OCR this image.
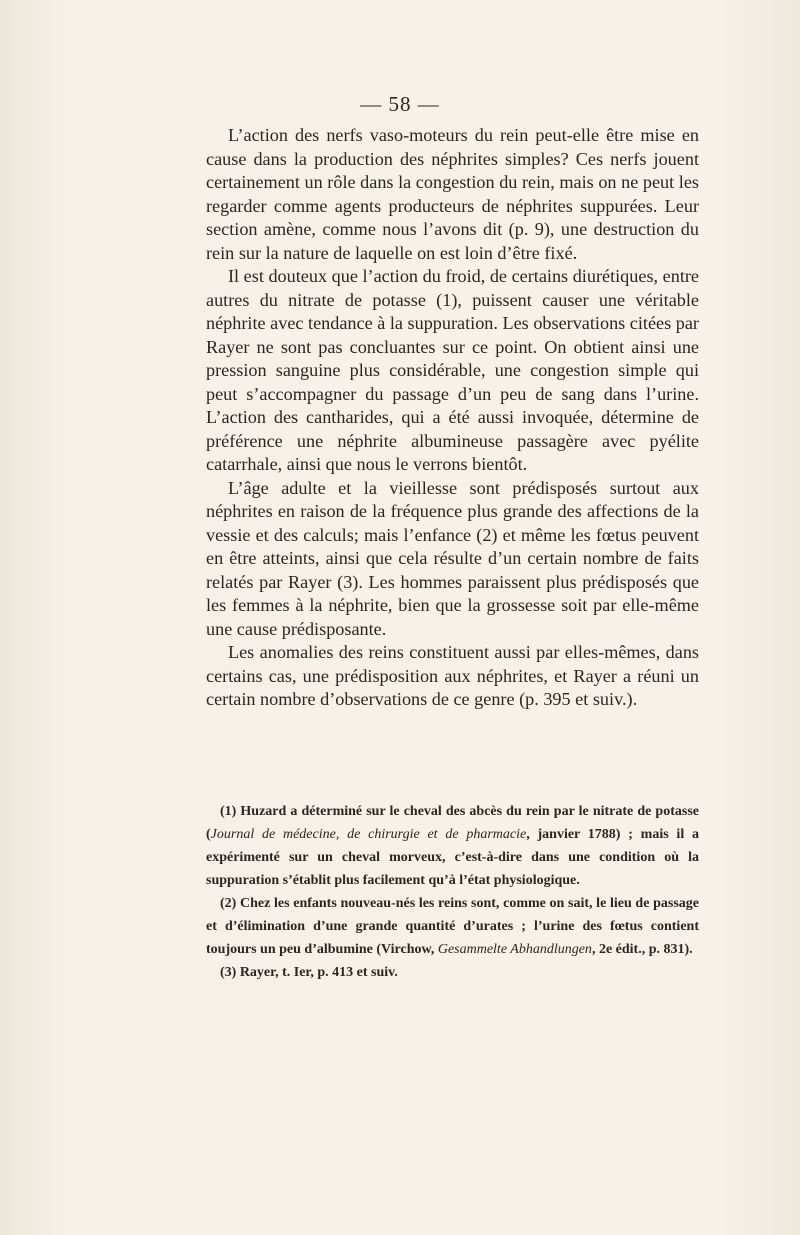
— 58 —

L’action des nerfs vaso-moteurs du rein peut-elle être mise en cause dans la production des néphrites simples? Ces nerfs jouent certainement un rôle dans la congestion du rein, mais on ne peut les regarder comme agents producteurs de néphrites suppurées. Leur section amène, comme nous l’avons dit (p. 9), une destruction du rein sur la nature de laquelle on est loin d’être fixé.

Il est douteux que l’action du froid, de certains diurétiques, entre autres du nitrate de potasse (1), puissent causer une véritable néphrite avec tendance à la suppuration. Les observations citées par Rayer ne sont pas concluantes sur ce point. On obtient ainsi une pression sanguine plus considérable, une congestion simple qui peut s’accompagner du passage d’un peu de sang dans l’urine. L’action des cantharides, qui a été aussi invoquée, détermine de préférence une néphrite albumineuse passagère avec pyélite catarrhale, ainsi que nous le verrons bientôt.

L’âge adulte et la vieillesse sont prédisposés surtout aux néphrites en raison de la fréquence plus grande des affections de la vessie et des calculs; mais l’enfance (2) et même les fœtus peuvent en être atteints, ainsi que cela résulte d’un certain nombre de faits relatés par Rayer (3). Les hommes paraissent plus prédisposés que les femmes à la néphrite, bien que la grossesse soit par elle-même une cause prédisposante.

Les anomalies des reins constituent aussi par elles-mêmes, dans certains cas, une prédisposition aux néphrites, et Rayer a réuni un certain nombre d’observations de ce genre (p. 395 et suiv.).

(1) Huzard a déterminé sur le cheval des abcès du rein par le nitrate de potasse (Journal de médecine, de chirurgie et de pharmacie, janvier 1788) ; mais il a expérimenté sur un cheval morveux, c’est-à-dire dans une condition où la suppuration s’établit plus facilement qu’à l’état physiologique.

(2) Chez les enfants nouveau-nés les reins sont, comme on sait, le lieu de passage et d’élimination d’une grande quantité d’urates ; l’urine des fœtus contient toujours un peu d’albumine (Virchow, Gesammelte Abhandlungen, 2e édit., p. 831).

(3) Rayer, t. Ier, p. 413 et suiv.
